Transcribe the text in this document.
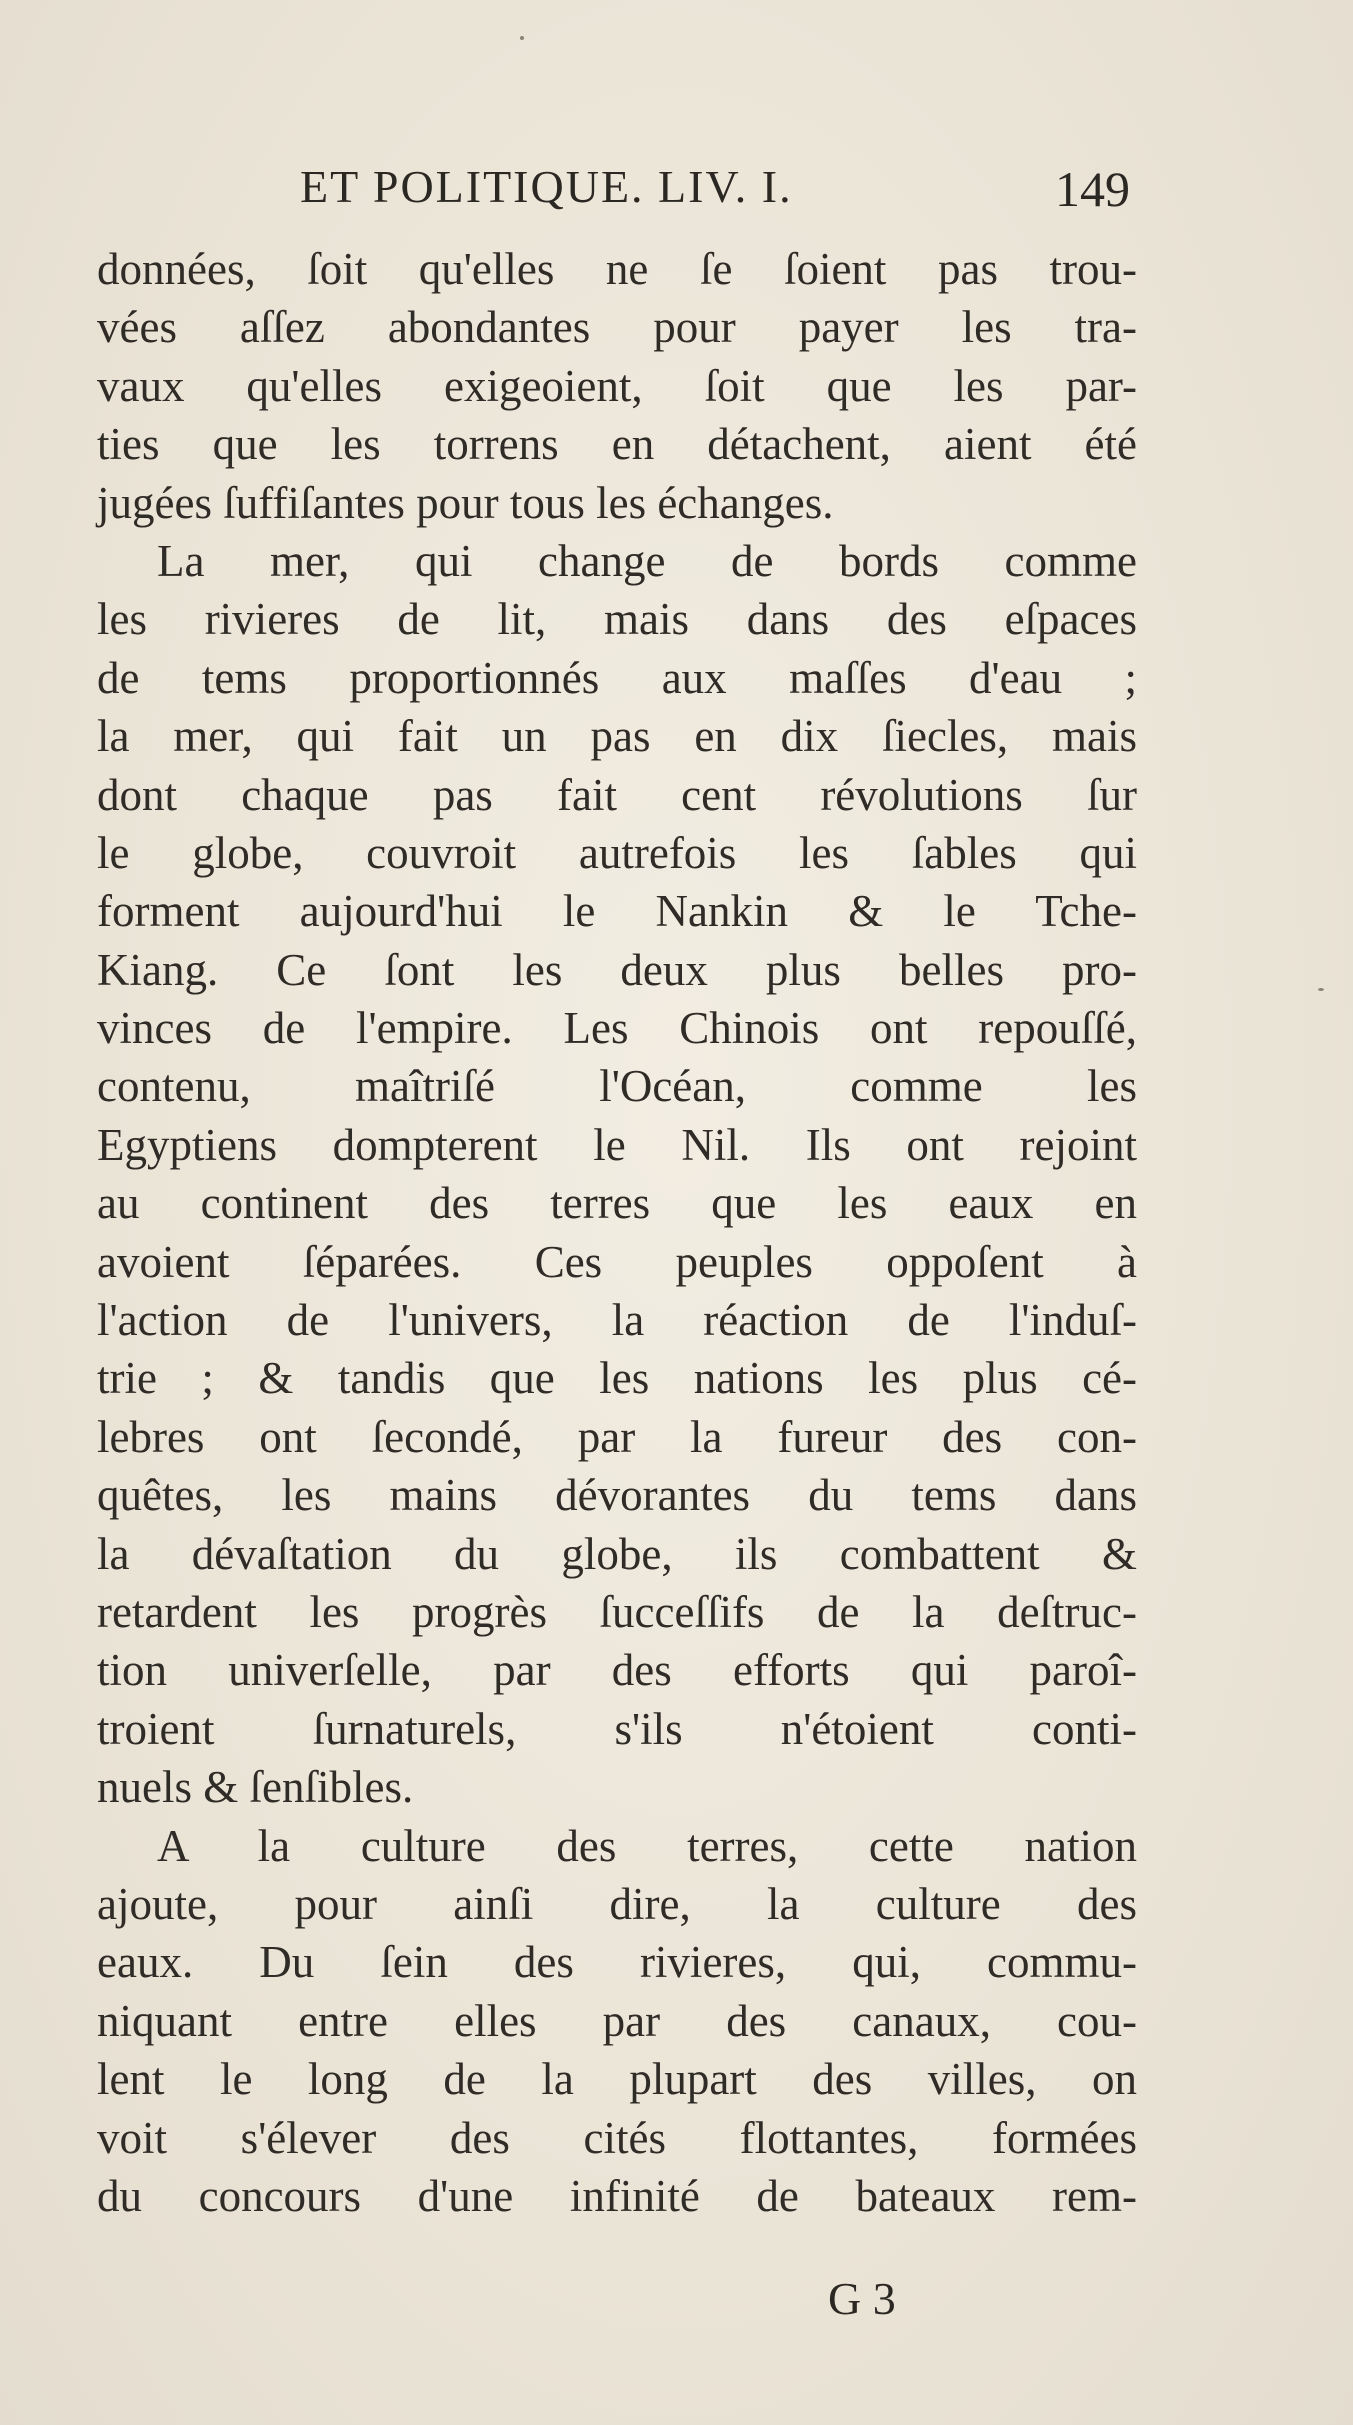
ET POLITIQUE. LIV. I.	149
données, ſoit qu'elles ne ſe ſoient pas trou-
vées aſſez abondantes pour payer les tra-
vaux qu'elles exigeoient, ſoit que les par-
ties que les torrens en détachent, aient été
jugées ſuffiſantes pour tous les échanges.
La mer, qui change de bords comme
les rivieres de lit, mais dans des eſpaces
de tems proportionnés aux maſſes d'eau ;
la mer, qui fait un pas en dix ſiecles, mais
dont chaque pas fait cent révolutions ſur
le globe, couvroit autrefois les ſables qui
forment aujourd'hui le Nankin & le Tche-
Kiang. Ce ſont les deux plus belles pro-
vinces de l'empire. Les Chinois ont repouſſé,
contenu, maîtriſé l'Océan, comme les
Egyptiens dompterent le Nil. Ils ont rejoint
au continent des terres que les eaux en
avoient ſéparées. Ces peuples oppoſent à
l'action de l'univers, la réaction de l'induſ-
trie ; & tandis que les nations les plus cé-
lebres ont ſecondé, par la fureur des con-
quêtes, les mains dévorantes du tems dans
la dévaſtation du globe, ils combattent &
retardent les progrès ſucceſſifs de la deſtruc-
tion univerſelle, par des efforts qui paroî-
troient ſurnaturels, s'ils n'étoient conti-
nuels & ſenſibles.
A la culture des terres, cette nation
ajoute, pour ainſi dire, la culture des
eaux. Du ſein des rivieres, qui, commu-
niquant entre elles par des canaux, cou-
lent le long de la plupart des villes, on
voit s'élever des cités flottantes, formées
du concours d'une infinité de bateaux rem-
G 3
